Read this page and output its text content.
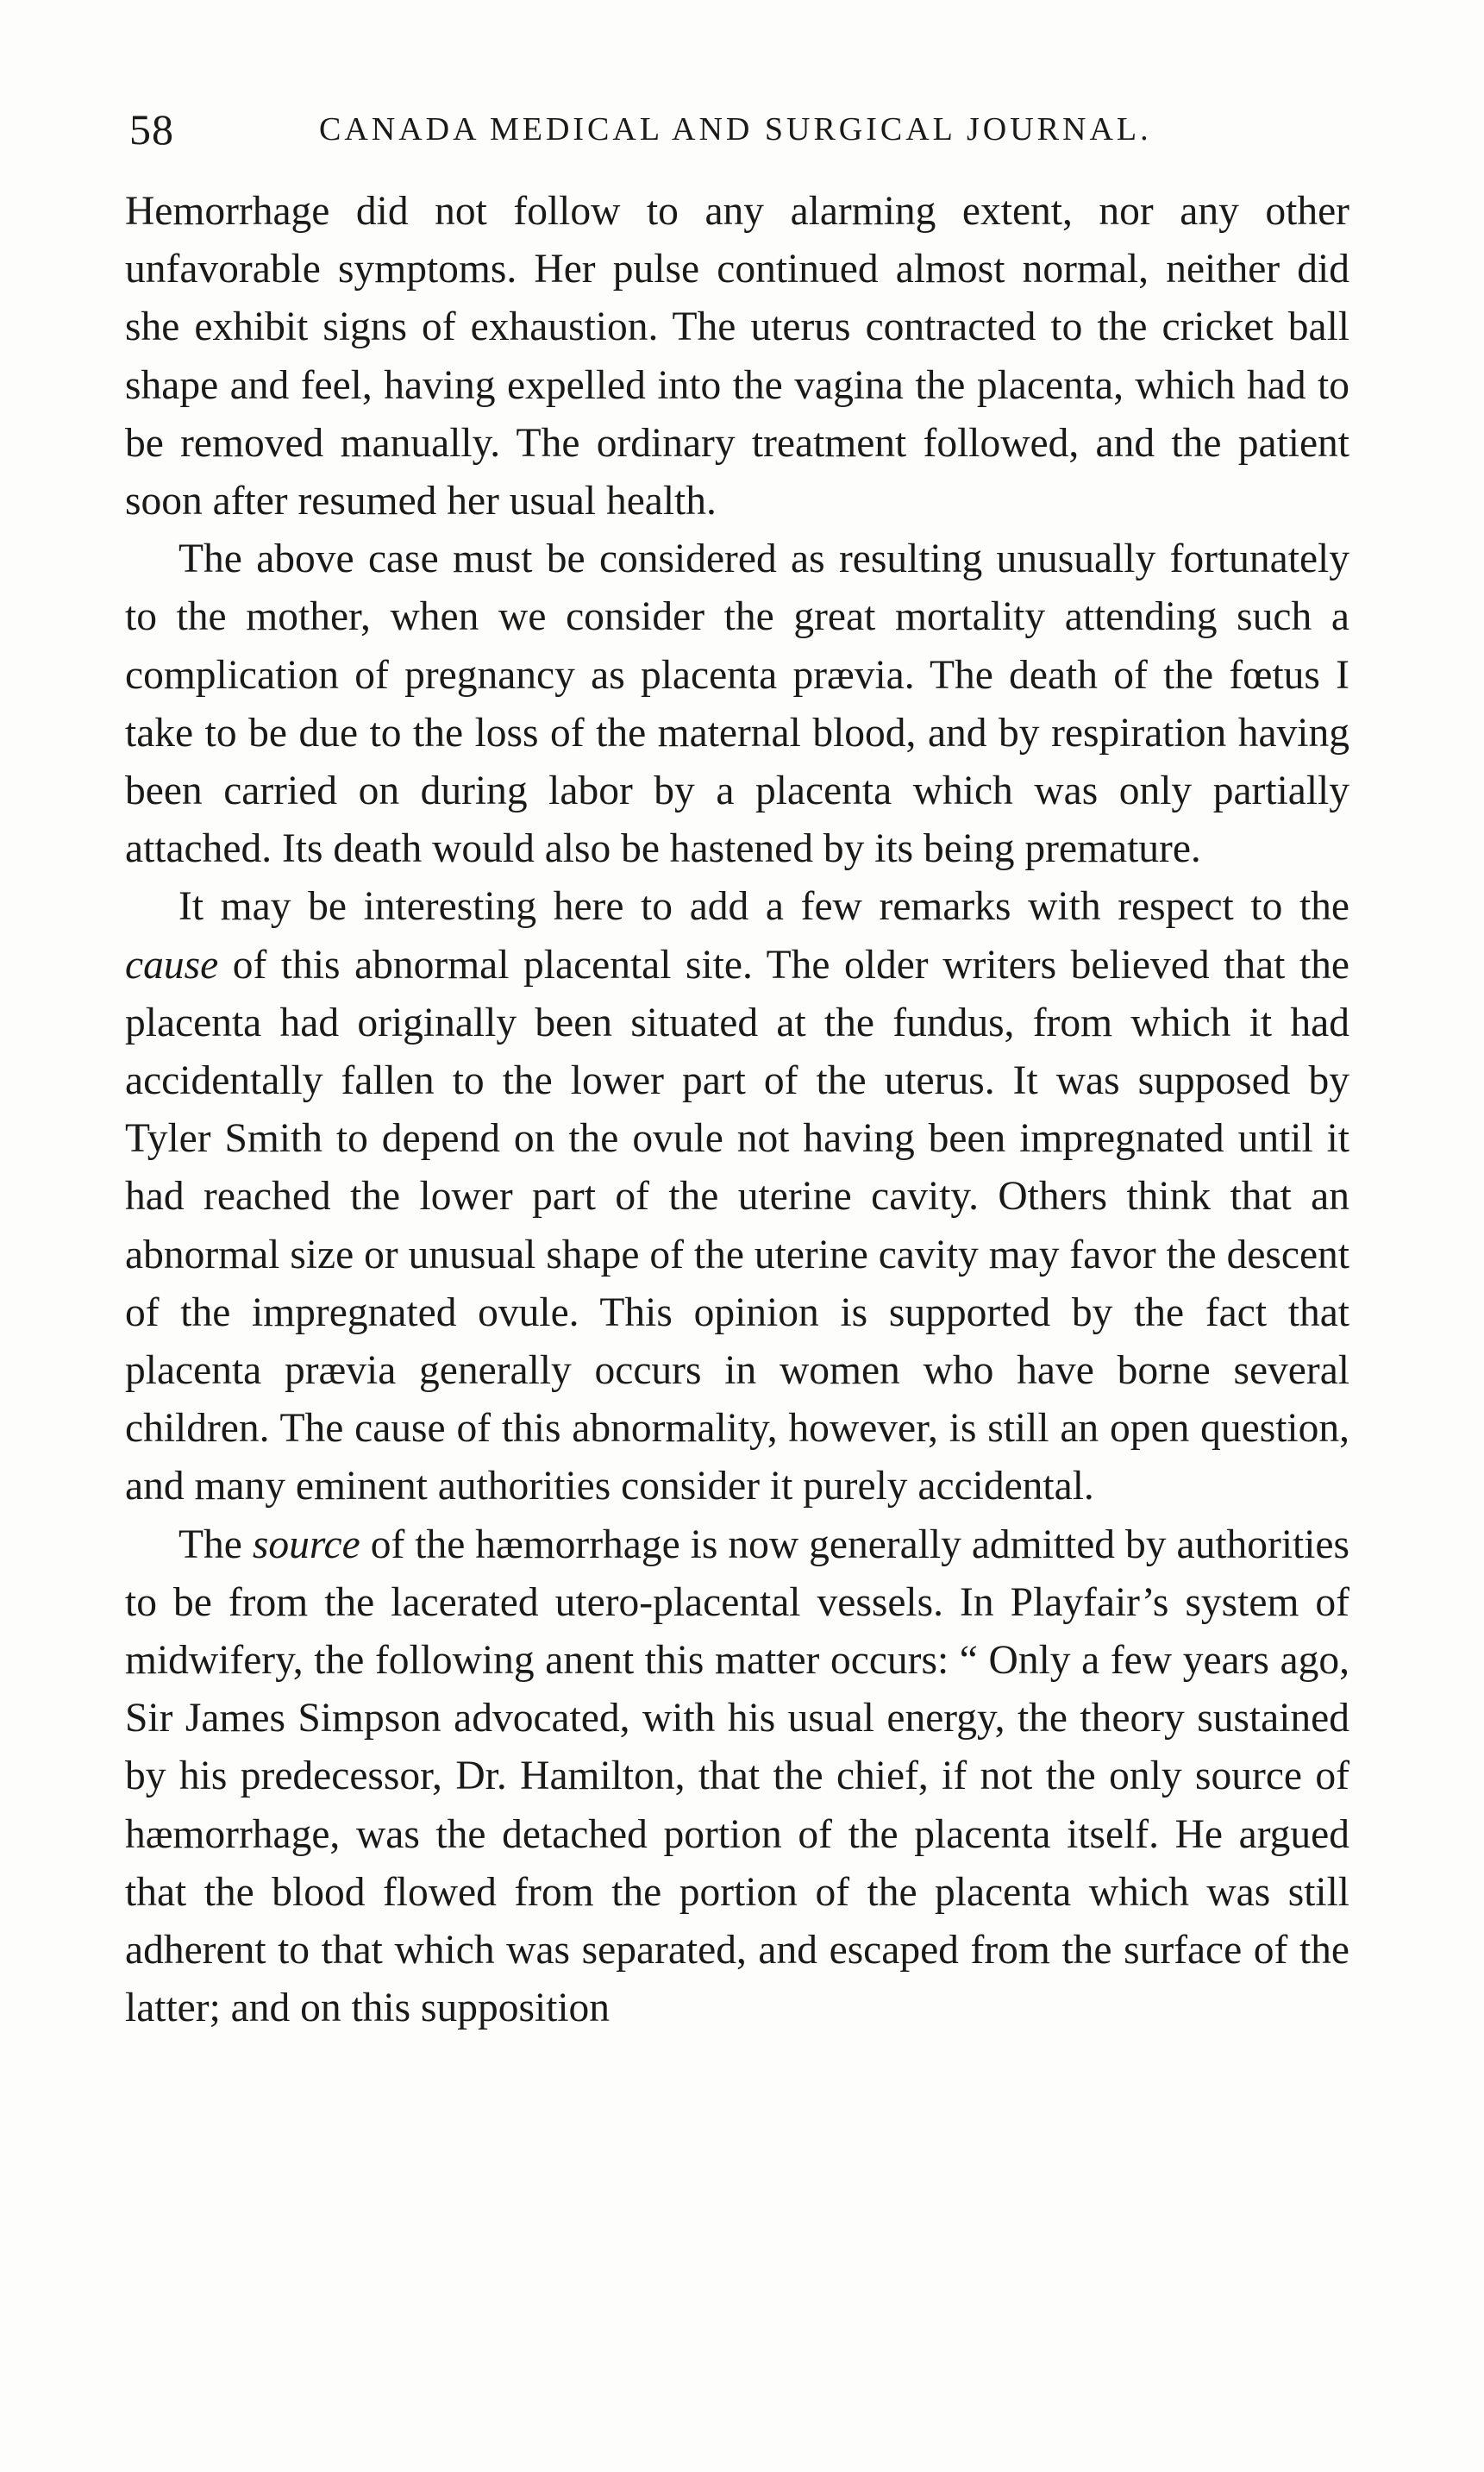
58	CANADA MEDICAL AND SURGICAL JOURNAL.

Hemorrhage did not follow to any alarming extent, nor any other unfavorable symptoms. Her pulse continued almost normal, neither did she exhibit signs of exhaustion. The uterus contracted to the cricket ball shape and feel, having expelled into the vagina the placenta, which had to be removed manually. The ordinary treatment followed, and the patient soon after resumed her usual health.

The above case must be considered as resulting unusually fortunately to the mother, when we consider the great mortality attending such a complication of pregnancy as placenta prævia. The death of the fœtus I take to be due to the loss of the maternal blood, and by respiration having been carried on during labor by a placenta which was only partially attached. Its death would also be hastened by its being premature.

It may be interesting here to add a few remarks with respect to the cause of this abnormal placental site. The older writers believed that the placenta had originally been situated at the fundus, from which it had accidentally fallen to the lower part of the uterus. It was supposed by Tyler Smith to depend on the ovule not having been impregnated until it had reached the lower part of the uterine cavity. Others think that an abnormal size or unusual shape of the uterine cavity may favor the descent of the impregnated ovule. This opinion is supported by the fact that placenta prævia generally occurs in women who have borne several children. The cause of this abnormality, however, is still an open question, and many eminent authorities consider it purely accidental.

The source of the hæmorrhage is now generally admitted by authorities to be from the lacerated utero-placental vessels. In Playfair’s system of midwifery, the following anent this matter occurs: “ Only a few years ago, Sir James Simpson advocated, with his usual energy, the theory sustained by his predecessor, Dr. Hamilton, that the chief, if not the only source of hæmorrhage, was the detached portion of the placenta itself. He argued that the blood flowed from the portion of the placenta which was still adherent to that which was separated, and escaped from the surface of the latter; and on this supposition
